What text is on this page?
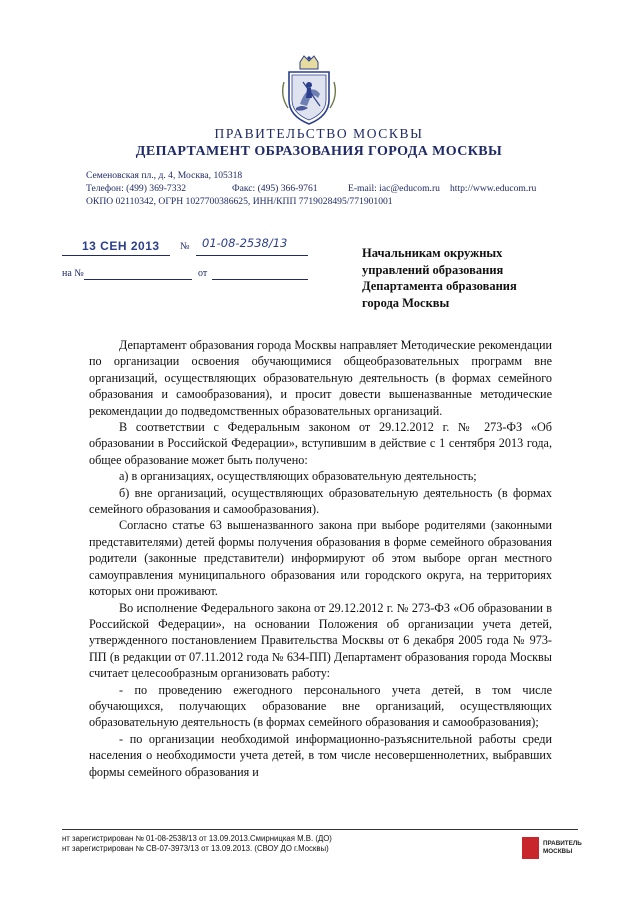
ПРАВИТЕЛЬСТВО МОСКВЫ
ДЕПАРТАМЕНТ ОБРАЗОВАНИЯ ГОРОДА МОСКВЫ
Семеновская пл., д. 4, Москва, 105318
Телефон: (499) 369-7332	Факс: (495) 366-9761	E-mail: iac@educom.ru http://www.educom.ru
ОКПО 02110342, ОГРН 1027700386625, ИНН/КПП 7719028495/771901001
13 СЕН 2013 № 01-08-2538/13
на №	от
Начальникам окружных
управлений образования
Департамента образования
города Москвы

Департамент образования города Москвы направляет Методические рекомендации по организации освоения обучающимися общеобразовательных программ вне организаций, осуществляющих образовательную деятельность (в формах семейного образования и самообразования), и просит довести вышеназванные методические рекомендации до подведомственных образовательных организаций.

В соответствии с Федеральным законом от 29.12.2012 г. № 273-ФЗ «Об образовании в Российской Федерации», вступившим в действие с 1 сентября 2013 года, общее образование может быть получено:

а) в организациях, осуществляющих образовательную деятельность;

б) вне организаций, осуществляющих образовательную деятельность (в формах семейного образования и самообразования).

Согласно статье 63 вышеназванного закона при выборе родителями (законными представителями) детей формы получения образования в форме семейного образования родители (законные представители) информируют об этом выборе орган местного самоуправления муниципального образования или городского округа, на территориях которых они проживают.

Во исполнение Федерального закона от 29.12.2012 г. № 273-ФЗ «Об образовании в Российской Федерации», на основании Положения об организации учета детей, утвержденного постановлением Правительства Москвы от 6 декабря 2005 года № 973-ПП (в редакции от 07.11.2012 года № 634-ПП) Департамент образования города Москвы считает целесообразным организовать работу:

- по проведению ежегодного персонального учета детей, в том числе обучающихся, получающих образование вне организаций, осуществляющих образовательную деятельность (в формах семейного образования и самообразования);

- по организации необходимой информационно-разъяснительной работы среди населения о необходимости учета детей, в том числе несовершеннолетних, выбравших формы семейного образования и

нт зарегистрирован № 01-08-2538/13 от 13.09.2013.Смирницкая М.В. (ДО)
нт зарегистрирован № СВ-07-3973/13 от 13.09.2013. (СВОУ ДО г.Москвы)	ПРАВИТЕЛЬ
МОСКВЫ
